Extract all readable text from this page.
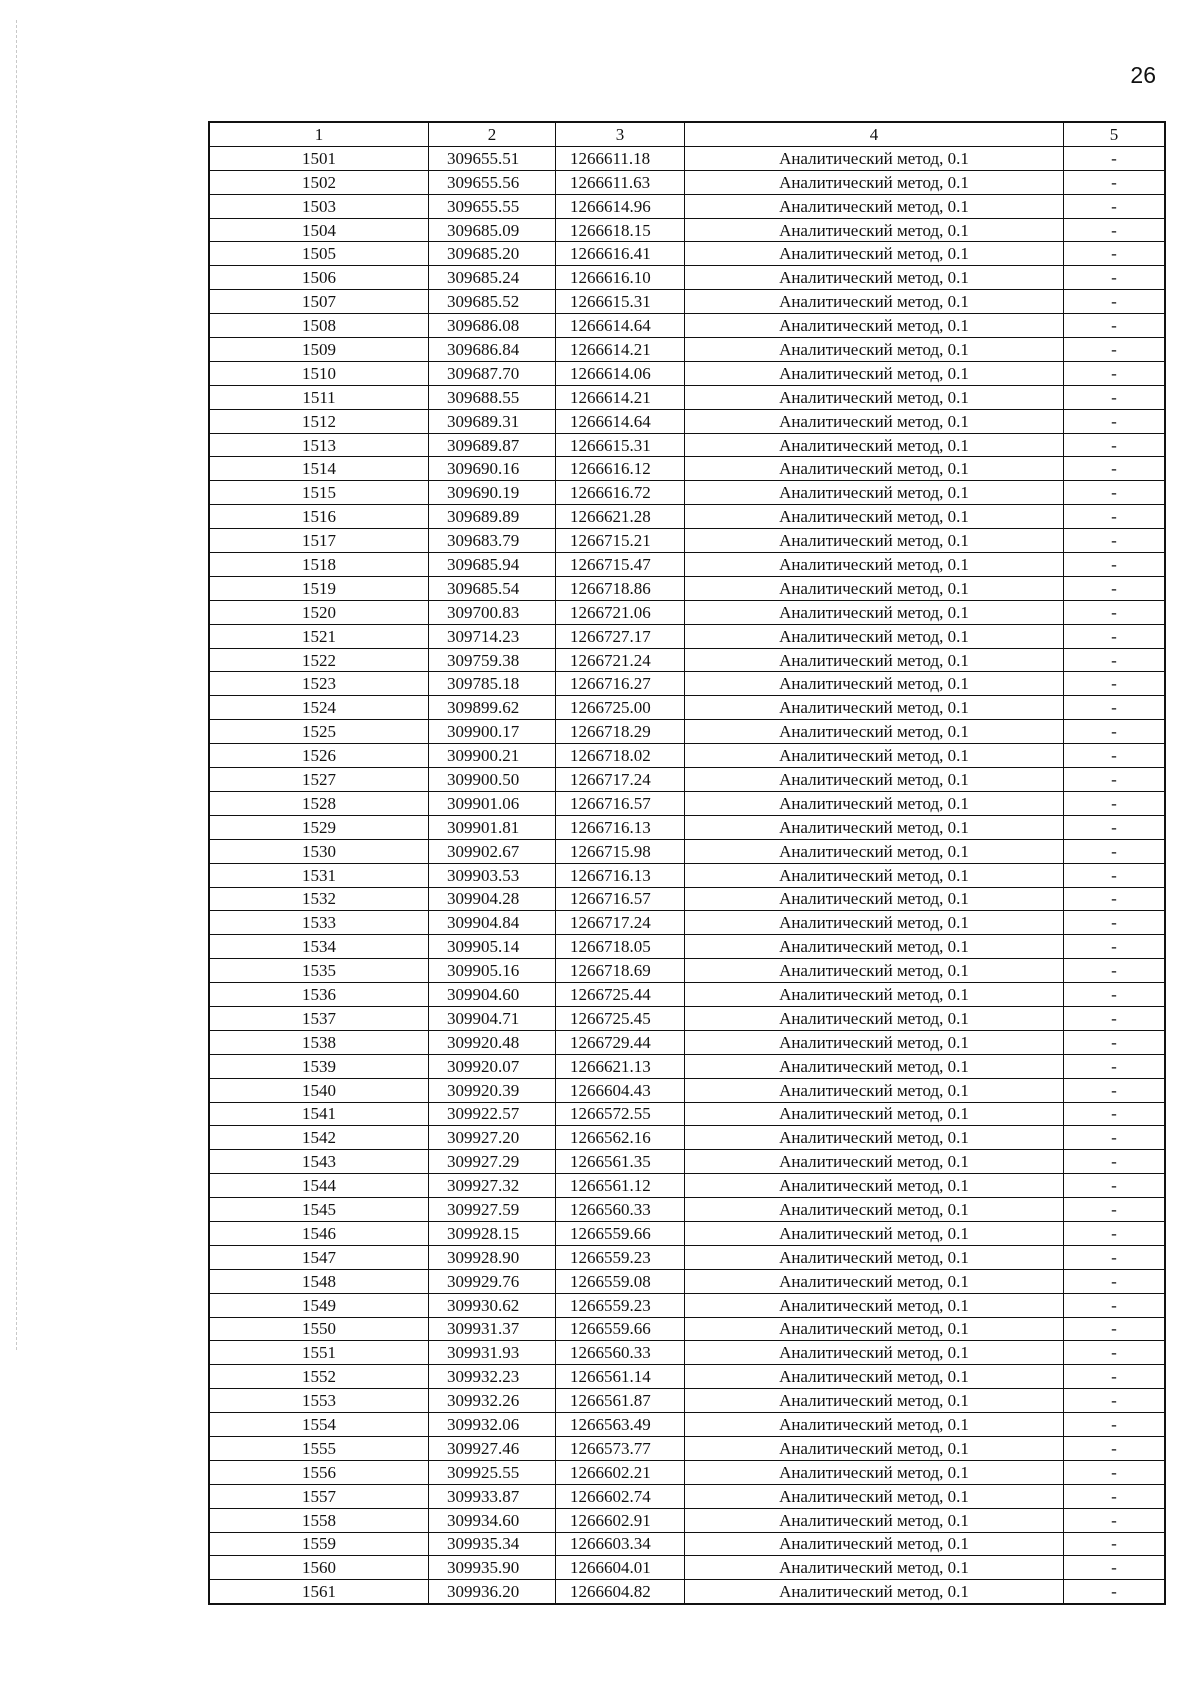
26
1	2	3	4	5
1501	309655.51	1266611.18	Аналитический метод, 0.1	-
1502	309655.56	1266611.63	Аналитический метод, 0.1	-
1503	309655.55	1266614.96	Аналитический метод, 0.1	-
1504	309685.09	1266618.15	Аналитический метод, 0.1	-
1505	309685.20	1266616.41	Аналитический метод, 0.1	-
1506	309685.24	1266616.10	Аналитический метод, 0.1	-
1507	309685.52	1266615.31	Аналитический метод, 0.1	-
1508	309686.08	1266614.64	Аналитический метод, 0.1	-
1509	309686.84	1266614.21	Аналитический метод, 0.1	-
1510	309687.70	1266614.06	Аналитический метод, 0.1	-
1511	309688.55	1266614.21	Аналитический метод, 0.1	-
1512	309689.31	1266614.64	Аналитический метод, 0.1	-
1513	309689.87	1266615.31	Аналитический метод, 0.1	-
1514	309690.16	1266616.12	Аналитический метод, 0.1	-
1515	309690.19	1266616.72	Аналитический метод, 0.1	-
1516	309689.89	1266621.28	Аналитический метод, 0.1	-
1517	309683.79	1266715.21	Аналитический метод, 0.1	-
1518	309685.94	1266715.47	Аналитический метод, 0.1	-
1519	309685.54	1266718.86	Аналитический метод, 0.1	-
1520	309700.83	1266721.06	Аналитический метод, 0.1	-
1521	309714.23	1266727.17	Аналитический метод, 0.1	-
1522	309759.38	1266721.24	Аналитический метод, 0.1	-
1523	309785.18	1266716.27	Аналитический метод, 0.1	-
1524	309899.62	1266725.00	Аналитический метод, 0.1	-
1525	309900.17	1266718.29	Аналитический метод, 0.1	-
1526	309900.21	1266718.02	Аналитический метод, 0.1	-
1527	309900.50	1266717.24	Аналитический метод, 0.1	-
1528	309901.06	1266716.57	Аналитический метод, 0.1	-
1529	309901.81	1266716.13	Аналитический метод, 0.1	-
1530	309902.67	1266715.98	Аналитический метод, 0.1	-
1531	309903.53	1266716.13	Аналитический метод, 0.1	-
1532	309904.28	1266716.57	Аналитический метод, 0.1	-
1533	309904.84	1266717.24	Аналитический метод, 0.1	-
1534	309905.14	1266718.05	Аналитический метод, 0.1	-
1535	309905.16	1266718.69	Аналитический метод, 0.1	-
1536	309904.60	1266725.44	Аналитический метод, 0.1	-
1537	309904.71	1266725.45	Аналитический метод, 0.1	-
1538	309920.48	1266729.44	Аналитический метод, 0.1	-
1539	309920.07	1266621.13	Аналитический метод, 0.1	-
1540	309920.39	1266604.43	Аналитический метод, 0.1	-
1541	309922.57	1266572.55	Аналитический метод, 0.1	-
1542	309927.20	1266562.16	Аналитический метод, 0.1	-
1543	309927.29	1266561.35	Аналитический метод, 0.1	-
1544	309927.32	1266561.12	Аналитический метод, 0.1	-
1545	309927.59	1266560.33	Аналитический метод, 0.1	-
1546	309928.15	1266559.66	Аналитический метод, 0.1	-
1547	309928.90	1266559.23	Аналитический метод, 0.1	-
1548	309929.76	1266559.08	Аналитический метод, 0.1	-
1549	309930.62	1266559.23	Аналитический метод, 0.1	-
1550	309931.37	1266559.66	Аналитический метод, 0.1	-
1551	309931.93	1266560.33	Аналитический метод, 0.1	-
1552	309932.23	1266561.14	Аналитический метод, 0.1	-
1553	309932.26	1266561.87	Аналитический метод, 0.1	-
1554	309932.06	1266563.49	Аналитический метод, 0.1	-
1555	309927.46	1266573.77	Аналитический метод, 0.1	-
1556	309925.55	1266602.21	Аналитический метод, 0.1	-
1557	309933.87	1266602.74	Аналитический метод, 0.1	-
1558	309934.60	1266602.91	Аналитический метод, 0.1	-
1559	309935.34	1266603.34	Аналитический метод, 0.1	-
1560	309935.90	1266604.01	Аналитический метод, 0.1	-
1561	309936.20	1266604.82	Аналитический метод, 0.1	-
